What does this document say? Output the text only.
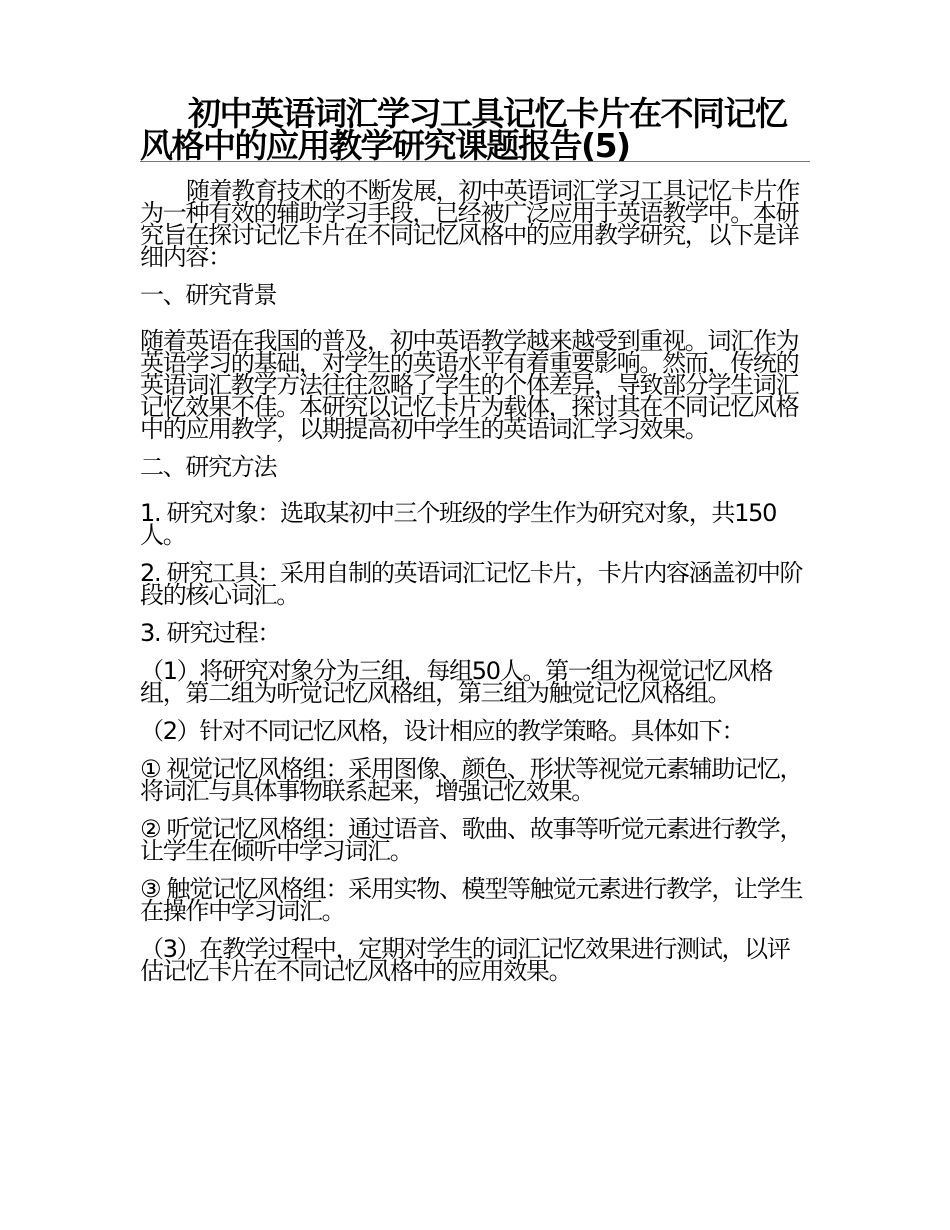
初中英语词汇学习工具记忆卡片在不同记忆风格中的应用教学研究课题报告(5)

随着教育技术的不断发展，初中英语词汇学习工具记忆卡片作为一种有效的辅助学习手段，已经被广泛应用于英语教学中。本研究旨在探讨记忆卡片在不同记忆风格中的应用教学研究，以下是详细内容：

一、研究背景

随着英语在我国的普及，初中英语教学越来越受到重视。词汇作为英语学习的基础，对学生的英语水平有着重要影响。然而，传统的英语词汇教学方法往往忽略了学生的个体差异，导致部分学生词汇记忆效果不佳。本研究以记忆卡片为载体，探讨其在不同记忆风格中的应用教学，以期提高初中学生的英语词汇学习效果。

二、研究方法

1. 研究对象：选取某初中三个班级的学生作为研究对象，共150人。

2. 研究工具：采用自制的英语词汇记忆卡片，卡片内容涵盖初中阶段的核心词汇。

3. 研究过程：

（1）将研究对象分为三组，每组50人。第一组为视觉记忆风格组，第二组为听觉记忆风格组，第三组为触觉记忆风格组。

（2）针对不同记忆风格，设计相应的教学策略。具体如下：

① 视觉记忆风格组：采用图像、颜色、形状等视觉元素辅助记忆，将词汇与具体事物联系起来，增强记忆效果。

② 听觉记忆风格组：通过语音、歌曲、故事等听觉元素进行教学，让学生在倾听中学习词汇。

③ 触觉记忆风格组：采用实物、模型等触觉元素进行教学，让学生在操作中学习词汇。

（3）在教学过程中，定期对学生的词汇记忆效果进行测试，以评估记忆卡片在不同记忆风格中的应用效果。
